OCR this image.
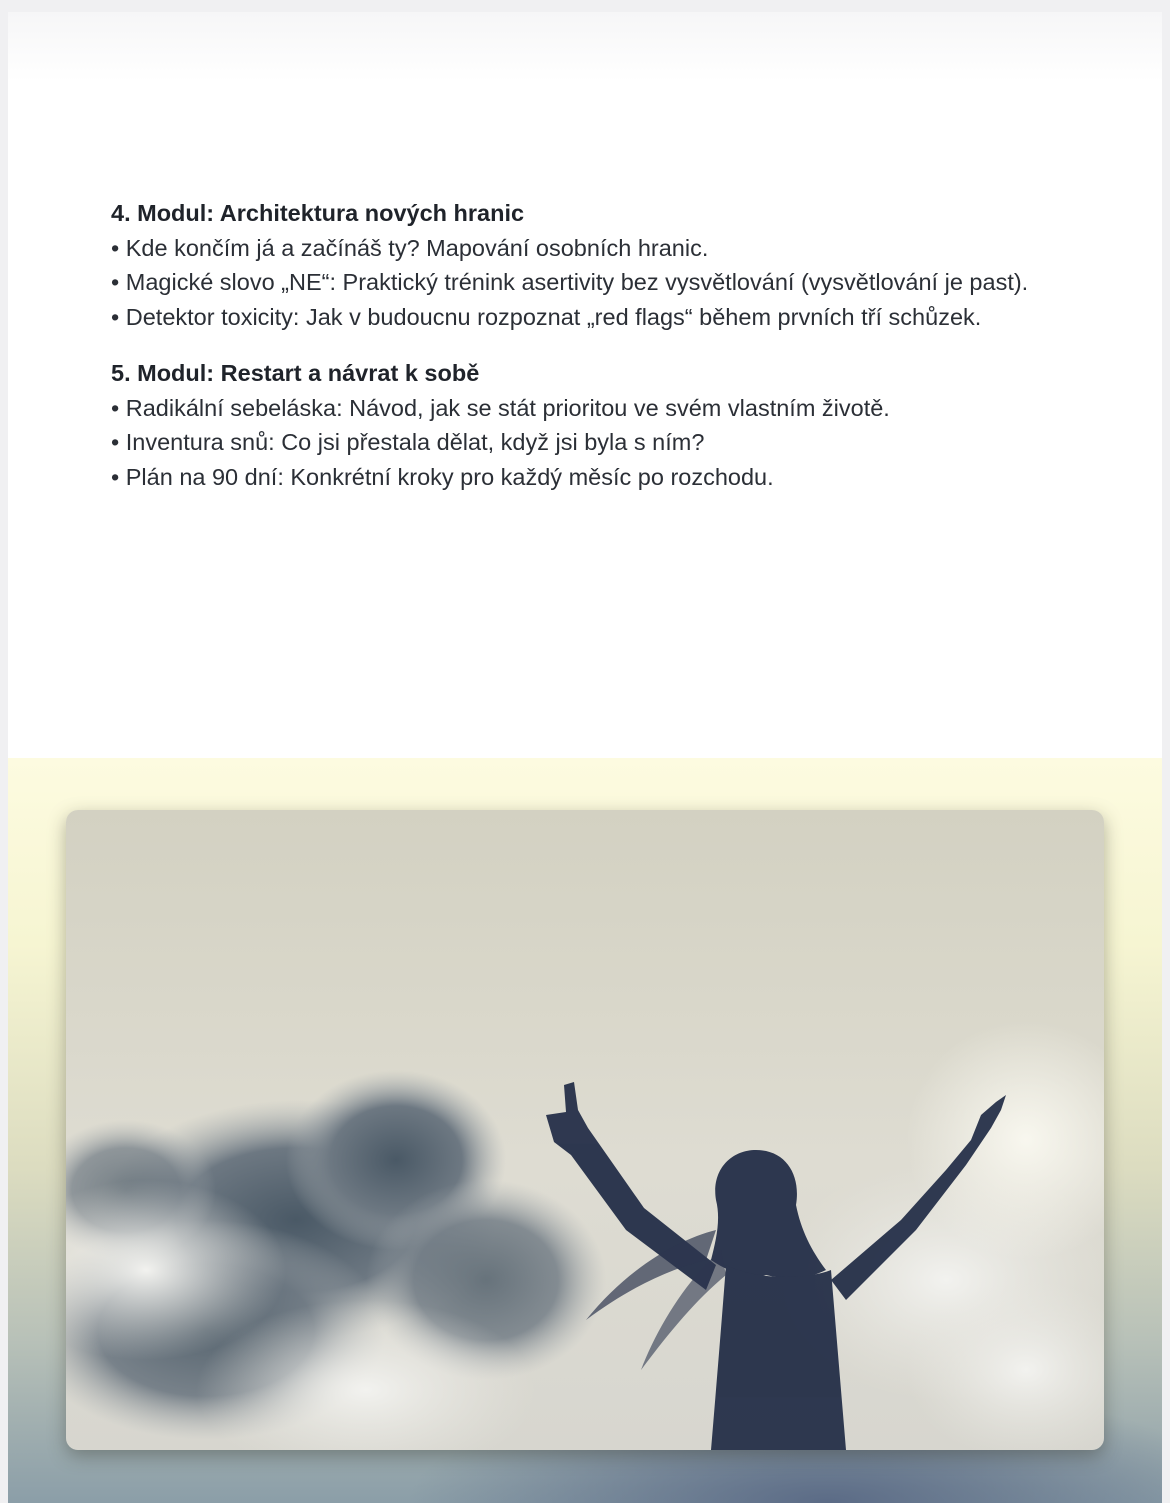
4. Modul: Architektura nových hranic

• Kde končím já a začínáš ty? Mapování osobních hranic.

• Magické slovo „NE“: Praktický trénink asertivity bez vysvětlování (vysvětlování je past).

• Detektor toxicity: Jak v budoucnu rozpoznat „red flags“ během prvních tří schůzek.

5. Modul: Restart a návrat k sobě

• Radikální sebeláska: Návod, jak se stát prioritou ve svém vlastním životě.

• Inventura snů: Co jsi přestala dělat, když jsi byla s ním?

• Plán na 90 dní: Konkrétní kroky pro každý měsíc po rozchodu.
